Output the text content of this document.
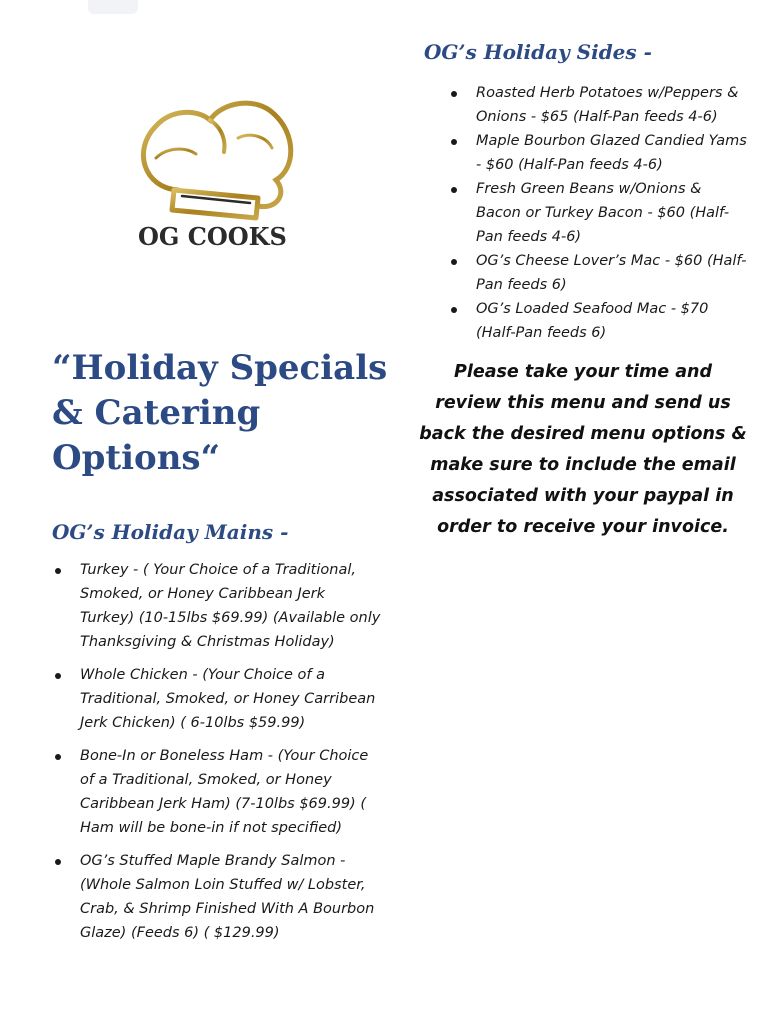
OG COOKS
OG’s Holiday Sides -
Roasted Herb Potatoes w/Peppers & Onions - $65 (Half-Pan feeds 4-6)
Maple Bourbon Glazed Candied Yams - $60 (Half-Pan feeds 4-6)
Fresh Green Beans w/Onions & Bacon or Turkey Bacon - $60 (Half-Pan feeds 4-6)
OG’s Cheese Lover’s Mac - $60 (Half-Pan feeds 6)
OG’s Loaded Seafood Mac - $70 (Half-Pan feeds 6)
Please take your time and review this menu and send us back the desired menu options & make sure to include the email associated with your paypal in order to receive your invoice.
“Holiday Specials
& Catering
Options“
OG’s Holiday Mains -
Turkey - ( Your Choice of a Traditional, Smoked, or Honey Caribbean Jerk Turkey) (10-15lbs $69.99) (Available only Thanksgiving & Christmas Holiday)
Whole Chicken - (Your Choice of a Traditional, Smoked, or Honey Carribean Jerk Chicken) ( 6-10lbs $59.99)
Bone-In or Boneless Ham - (Your Choice of a Traditional, Smoked, or Honey Caribbean Jerk Ham) (7-10lbs $69.99) ( Ham will be bone-in if not specified)
OG’s Stuffed Maple Brandy Salmon - (Whole Salmon Loin Stuffed w/ Lobster, Crab, & Shrimp Finished With A Bourbon Glaze) (Feeds 6) ( $129.99)
